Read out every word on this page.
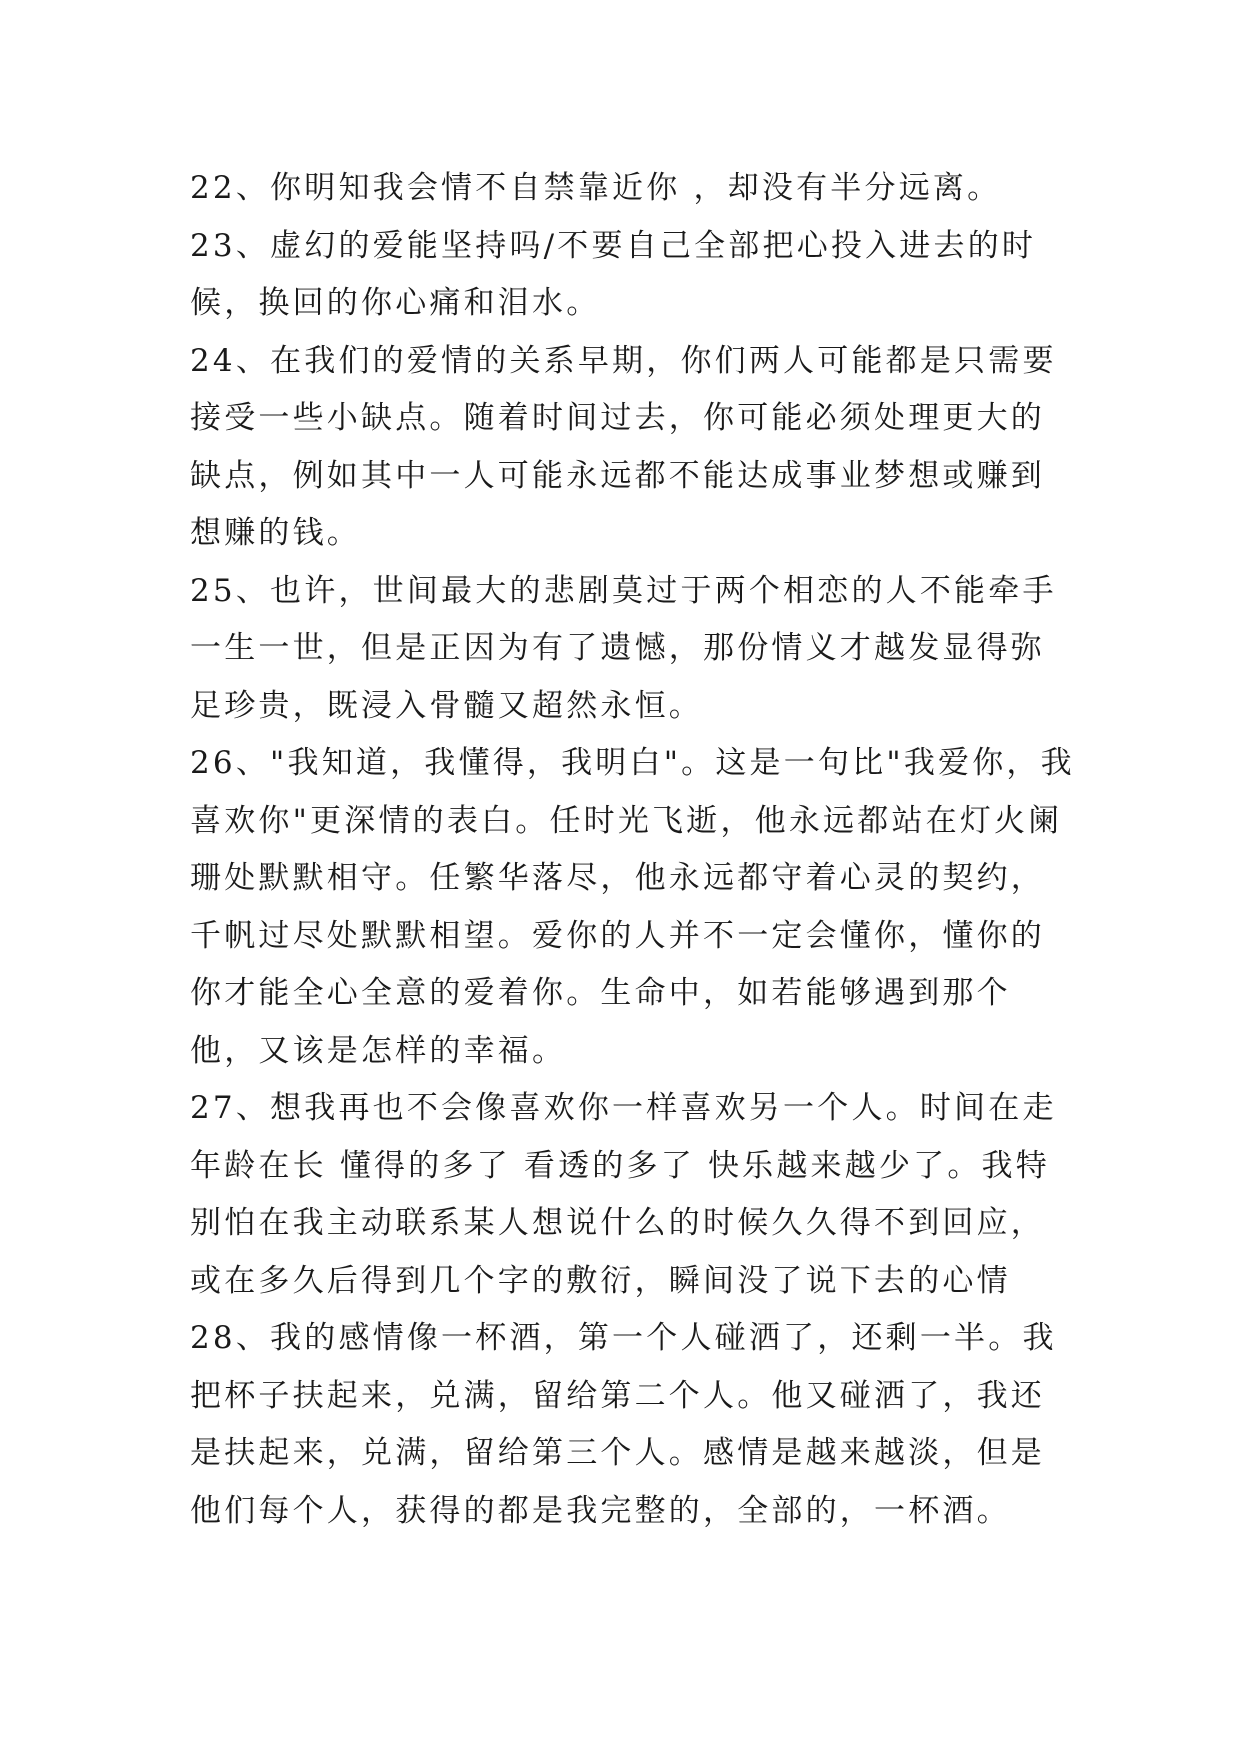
22、你明知我会情不自禁靠近你 ，却没有半分远离。

23、虚幻的爱能坚持吗/不要自己全部把心投入进去的时候，换回的你心痛和泪水。

24、在我们的爱情的关系早期，你们两人可能都是只需要接受一些小缺点。随着时间过去，你可能必须处理更大的缺点，例如其中一人可能永远都不能达成事业梦想或赚到想赚的钱。

25、也许，世间最大的悲剧莫过于两个相恋的人不能牵手一生一世，但是正因为有了遗憾，那份情义才越发显得弥足珍贵，既浸入骨髓又超然永恒。

26、"我知道，我懂得，我明白"。这是一句比"我爱你，我喜欢你"更深情的表白。任时光飞逝，他永远都站在灯火阑珊处默默相守。任繁华落尽，他永远都守着心灵的契约，千帆过尽处默默相望。爱你的人并不一定会懂你，懂你的你才能全心全意的爱着你。生命中，如若能够遇到那个他，又该是怎样的幸福。

27、想我再也不会像喜欢你一样喜欢另一个人。时间在走年龄在长 懂得的多了 看透的多了 快乐越来越少了。我特别怕在我主动联系某人想说什么的时候久久得不到回应，或在多久后得到几个字的敷衍，瞬间没了说下去的心情

28、我的感情像一杯酒，第一个人碰洒了，还剩一半。我把杯子扶起来，兑满，留给第二个人。他又碰洒了，我还是扶起来，兑满，留给第三个人。感情是越来越淡，但是他们每个人，获得的都是我完整的，全部的，一杯酒。
